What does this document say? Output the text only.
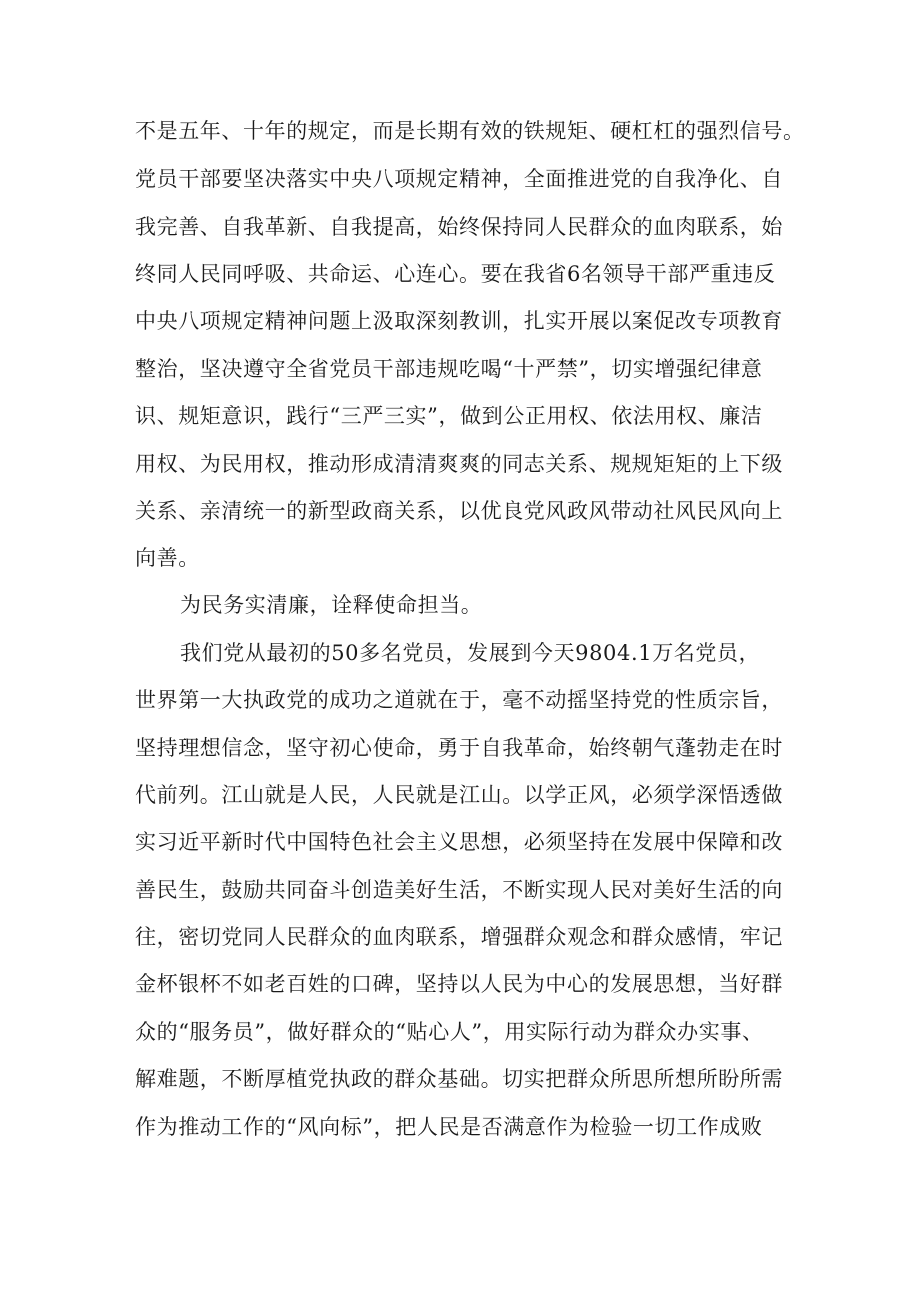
不是五年、十年的规定，而是长期有效的铁规矩、硬杠杠的强烈信号。
党员干部要坚决落实中央八项规定精神，全面推进党的自我净化、自
我完善、自我革新、自我提高，始终保持同人民群众的血肉联系，始
终同人民同呼吸、共命运、心连心。要在我省6名领导干部严重违反
中央八项规定精神问题上汲取深刻教训，扎实开展以案促改专项教育
整治，坚决遵守全省党员干部违规吃喝“十严禁”，切实增强纪律意
识、规矩意识，践行“三严三实”，做到公正用权、依法用权、廉洁
用权、为民用权，推动形成清清爽爽的同志关系、规规矩矩的上下级
关系、亲清统一的新型政商关系，以优良党风政风带动社风民风向上
向善。
为民务实清廉，诠释使命担当。
我们党从最初的50多名党员，发展到今天9804.1万名党员，
世界第一大执政党的成功之道就在于，毫不动摇坚持党的性质宗旨，
坚持理想信念，坚守初心使命，勇于自我革命，始终朝气蓬勃走在时
代前列。江山就是人民，人民就是江山。以学正风，必须学深悟透做
实习近平新时代中国特色社会主义思想，必须坚持在发展中保障和改
善民生，鼓励共同奋斗创造美好生活，不断实现人民对美好生活的向
往，密切党同人民群众的血肉联系，增强群众观念和群众感情，牢记
金杯银杯不如老百姓的口碑，坚持以人民为中心的发展思想，当好群
众的“服务员”，做好群众的“贴心人”，用实际行动为群众办实事、
解难题，不断厚植党执政的群众基础。切实把群众所思所想所盼所需
作为推动工作的“风向标”，把人民是否满意作为检验一切工作成败
